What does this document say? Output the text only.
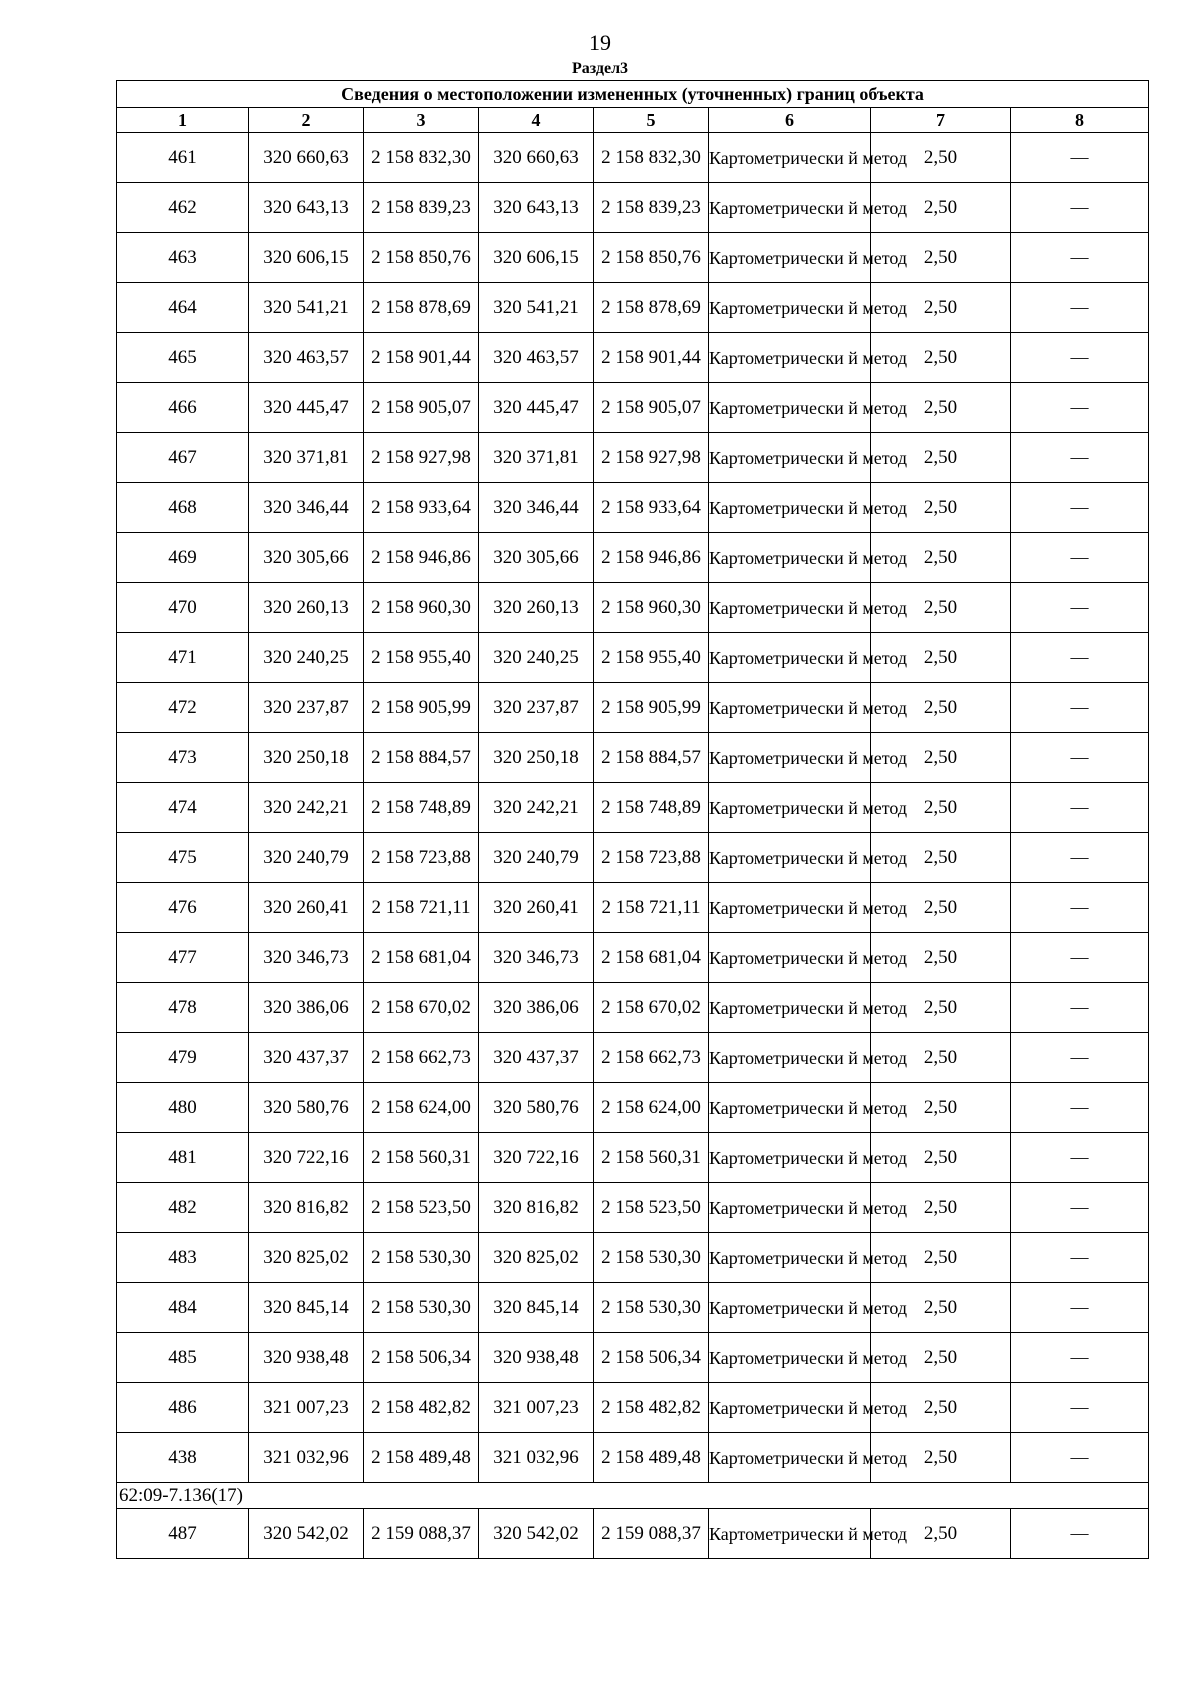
19
Раздел3
Сведения о местоположении измененных (уточненных) границ объекта							
1	2	3	4	5	6	7	8
461	320 660,63	2 158 832,30	320 660,63	2 158 832,30	Картометрически й метод	2,50	—
462	320 643,13	2 158 839,23	320 643,13	2 158 839,23	Картометрически й метод	2,50	—
463	320 606,15	2 158 850,76	320 606,15	2 158 850,76	Картометрически й метод	2,50	—
464	320 541,21	2 158 878,69	320 541,21	2 158 878,69	Картометрически й метод	2,50	—
465	320 463,57	2 158 901,44	320 463,57	2 158 901,44	Картометрически й метод	2,50	—
466	320 445,47	2 158 905,07	320 445,47	2 158 905,07	Картометрически й метод	2,50	—
467	320 371,81	2 158 927,98	320 371,81	2 158 927,98	Картометрически й метод	2,50	—
468	320 346,44	2 158 933,64	320 346,44	2 158 933,64	Картометрически й метод	2,50	—
469	320 305,66	2 158 946,86	320 305,66	2 158 946,86	Картометрически й метод	2,50	—
470	320 260,13	2 158 960,30	320 260,13	2 158 960,30	Картометрически й метод	2,50	—
471	320 240,25	2 158 955,40	320 240,25	2 158 955,40	Картометрически й метод	2,50	—
472	320 237,87	2 158 905,99	320 237,87	2 158 905,99	Картометрически й метод	2,50	—
473	320 250,18	2 158 884,57	320 250,18	2 158 884,57	Картометрически й метод	2,50	—
474	320 242,21	2 158 748,89	320 242,21	2 158 748,89	Картометрически й метод	2,50	—
475	320 240,79	2 158 723,88	320 240,79	2 158 723,88	Картометрически й метод	2,50	—
476	320 260,41	2 158 721,11	320 260,41	2 158 721,11	Картометрически й метод	2,50	—
477	320 346,73	2 158 681,04	320 346,73	2 158 681,04	Картометрически й метод	2,50	—
478	320 386,06	2 158 670,02	320 386,06	2 158 670,02	Картометрически й метод	2,50	—
479	320 437,37	2 158 662,73	320 437,37	2 158 662,73	Картометрически й метод	2,50	—
480	320 580,76	2 158 624,00	320 580,76	2 158 624,00	Картометрически й метод	2,50	—
481	320 722,16	2 158 560,31	320 722,16	2 158 560,31	Картометрически й метод	2,50	—
482	320 816,82	2 158 523,50	320 816,82	2 158 523,50	Картометрически й метод	2,50	—
483	320 825,02	2 158 530,30	320 825,02	2 158 530,30	Картометрически й метод	2,50	—
484	320 845,14	2 158 530,30	320 845,14	2 158 530,30	Картометрически й метод	2,50	—
485	320 938,48	2 158 506,34	320 938,48	2 158 506,34	Картометрически й метод	2,50	—
486	321 007,23	2 158 482,82	321 007,23	2 158 482,82	Картометрически й метод	2,50	—
438	321 032,96	2 158 489,48	321 032,96	2 158 489,48	Картометрически й метод	2,50	—
62:09-7.136(17)							
487	320 542,02	2 159 088,37	320 542,02	2 159 088,37	Картометрически й метод	2,50	—
